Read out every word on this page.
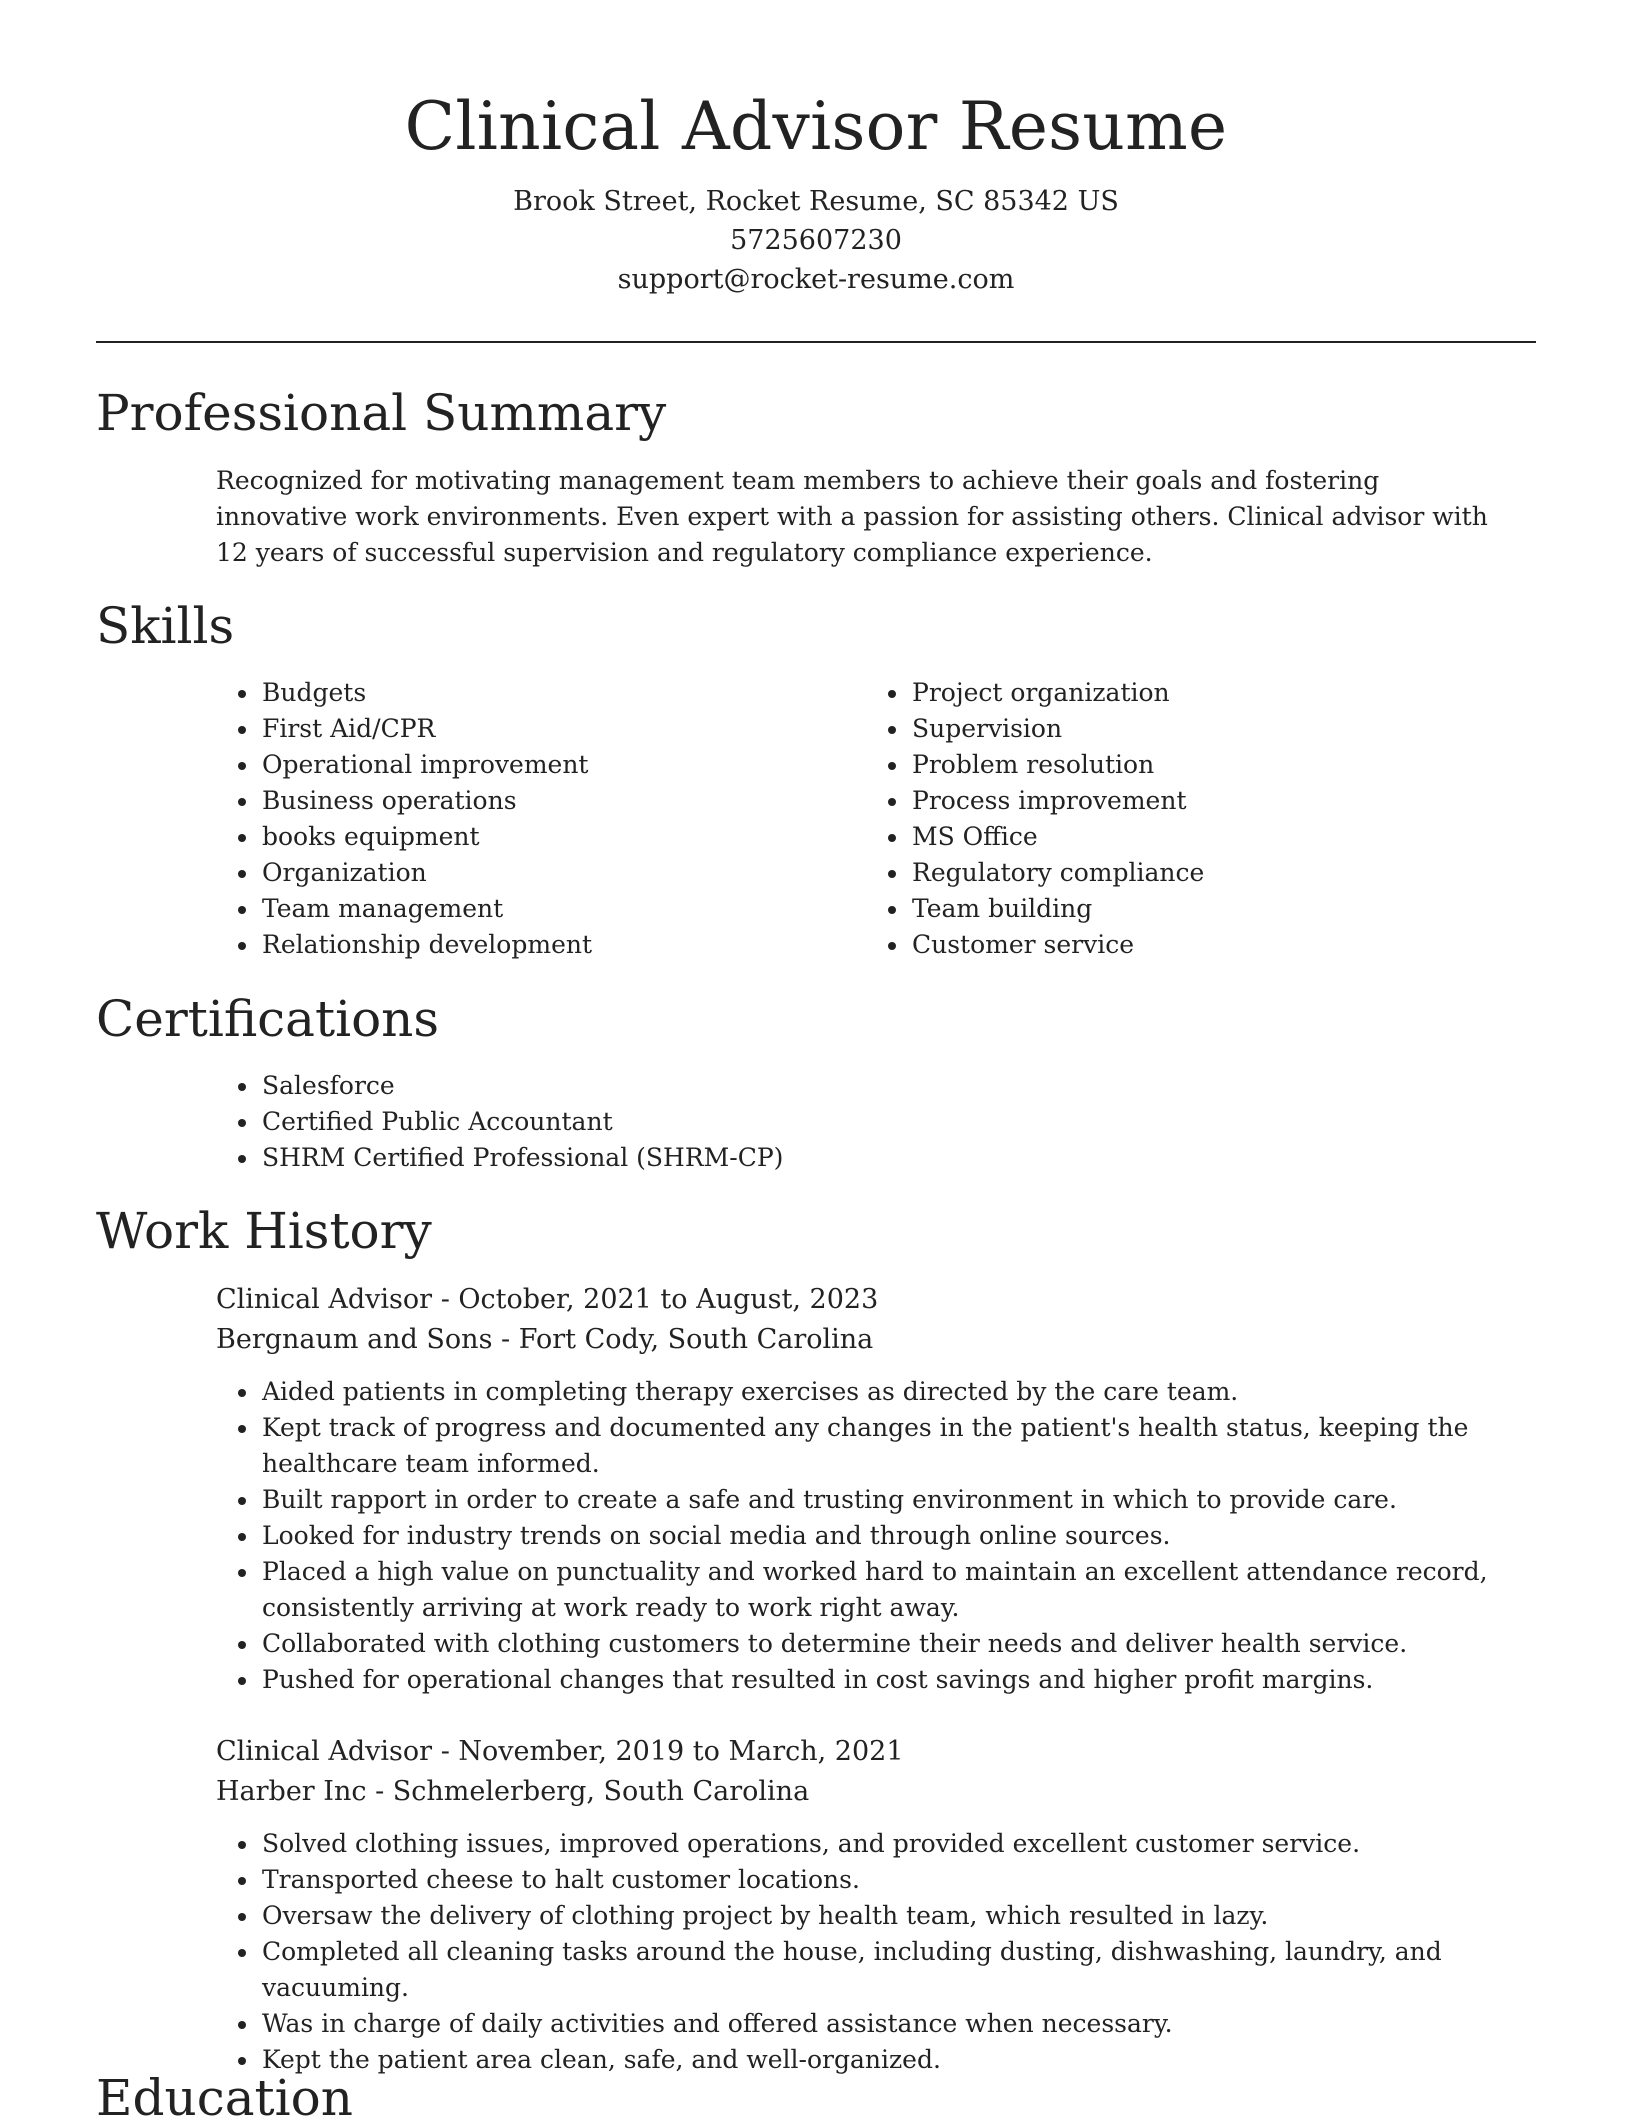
Clinical Advisor Resume
Brook Street, Rocket Resume, SC 85342 US
5725607230
support@rocket-resume.com
Professional Summary

Recognized for motivating management team members to achieve their goals and fostering innovative work environments. Even expert with a passion for assisting others. Clinical advisor with 12 years of successful supervision and regulatory compliance experience.

Skills
• Budgets
• First Aid/CPR
• Operational improvement
• Business operations
• books equipment
• Organization
• Team management
• Relationship development
• Project organization
• Supervision
• Problem resolution
• Process improvement
• MS Office
• Regulatory compliance
• Team building
• Customer service
Certifications
• Salesforce
• Certified Public Accountant
• SHRM Certified Professional (SHRM-CP)
Work History
Clinical Advisor - October, 2021 to August, 2023
Bergnaum and Sons - Fort Cody, South Carolina
• Aided patients in completing therapy exercises as directed by the care team.
• Kept track of progress and documented any changes in the patient's health status, keeping the healthcare team informed.
• Built rapport in order to create a safe and trusting environment in which to provide care.
• Looked for industry trends on social media and through online sources.
• Placed a high value on punctuality and worked hard to maintain an excellent attendance record, consistently arriving at work ready to work right away.
• Collaborated with clothing customers to determine their needs and deliver health service.
• Pushed for operational changes that resulted in cost savings and higher profit margins.
Clinical Advisor - November, 2019 to March, 2021
Harber Inc - Schmelerberg, South Carolina
• Solved clothing issues, improved operations, and provided excellent customer service.
• Transported cheese to halt customer locations.
• Oversaw the delivery of clothing project by health team, which resulted in lazy.
• Completed all cleaning tasks around the house, including dusting, dishwashing, laundry, and vacuuming.
• Was in charge of daily activities and offered assistance when necessary.
• Kept the patient area clean, safe, and well-organized.
Education
